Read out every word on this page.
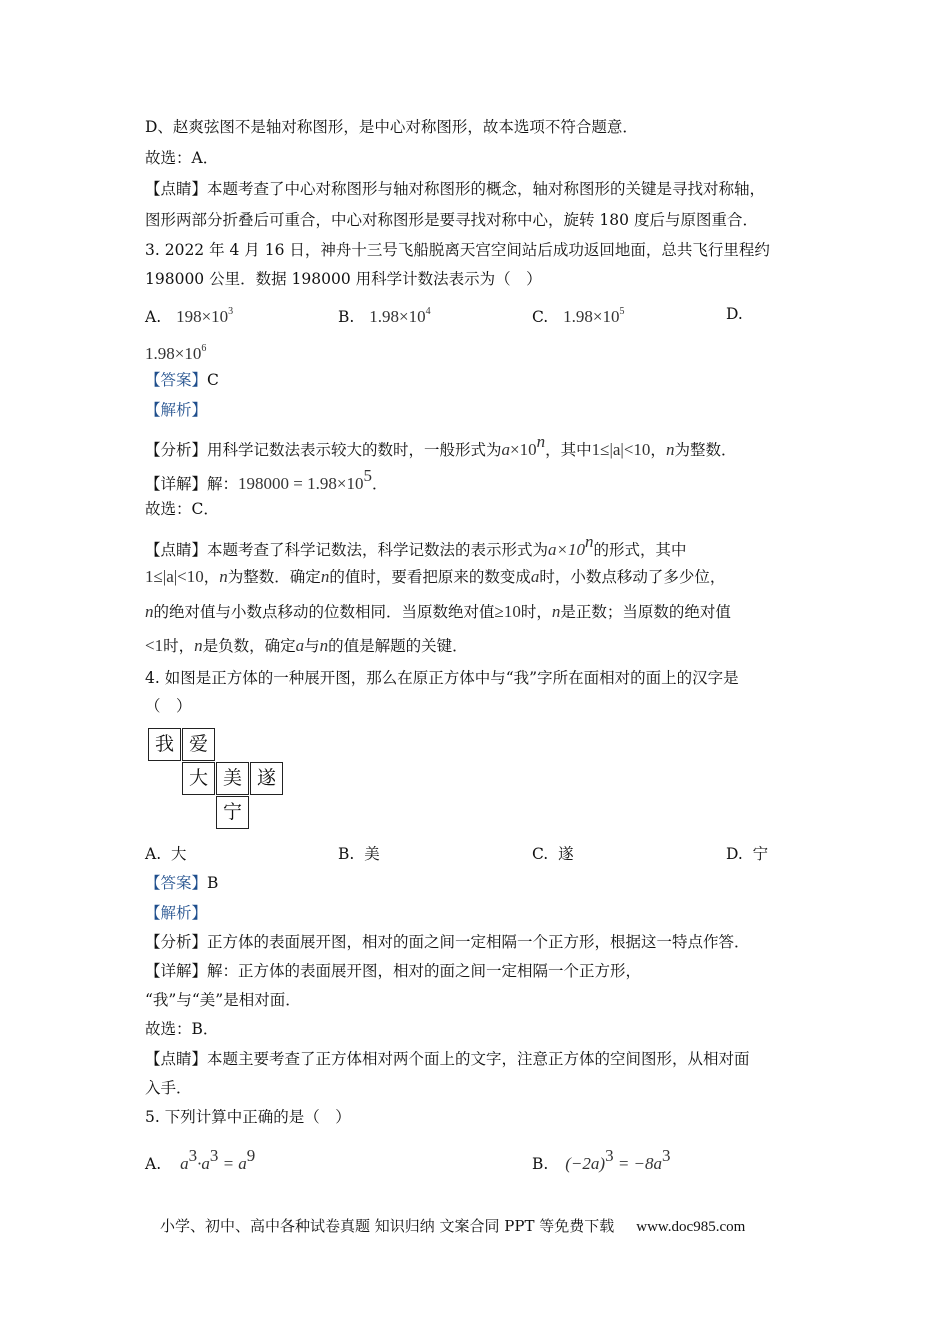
D、赵爽弦图不是轴对称图形，是中心对称图形，故本选项不符合题意．
故选：A．
【点睛】本题考查了中心对称图形与轴对称图形的概念，轴对称图形的关键是寻找对称轴，
图形两部分折叠后可重合，中心对称图形是要寻找对称中心，旋转 180 度后与原图重合．
3. 2022 年 4 月 16 日，神舟十三号飞船脱离天宫空间站后成功返回地面，总共飞行里程约
198000 公里．数据 198000 用科学计数法表示为（　）
A. $198\times 10^3$	B. $1.98\times 10^4$	C. $1.98\times 10^5$	D.
$1.98\times 10^6$
【答案】C
【解析】
【分析】用科学记数法表示较大的数时，一般形式为$a\times 10^n$，其中1≤|a|<10，n为整数．
【详解】解：$198000 = 1.98\times 10^5$．
故选：C．
【点睛】本题考查了科学记数法，科学记数法的表示形式为$a\times 10^n$的形式，其中
1≤|a|<10，n为整数．确定n的值时，要看把原来的数变成a时，小数点移动了多少位，
n的绝对值与小数点移动的位数相同．当原数绝对值≥10时，n是正数；当原数的绝对值
<1时，n是负数，确定a与n的值是解题的关键．
4. 如图是正方体的一种展开图，那么在原正方体中与“我”字所在面相对的面上的汉字是
（　）
我 爱
大 美 遂
宁
A. 大	B. 美	C. 遂	D. 宁
【答案】B
【解析】
【分析】正方体的表面展开图，相对的面之间一定相隔一个正方形，根据这一特点作答．
【详解】解：正方体的表面展开图，相对的面之间一定相隔一个正方形，
“我”与“美”是相对面．
故选：B．
【点睛】本题主要考查了正方体相对两个面上的文字，注意正方体的空间图形，从相对面
入手．
5. 下列计算中正确的是（　）
A. $a^3\cdot a^3 = a^9$	B. $(-2a)^3 = -8a^3$
小学、初中、高中各种试卷真题 知识归纳 文案合同 PPT 等免费下载 www.doc985.com
